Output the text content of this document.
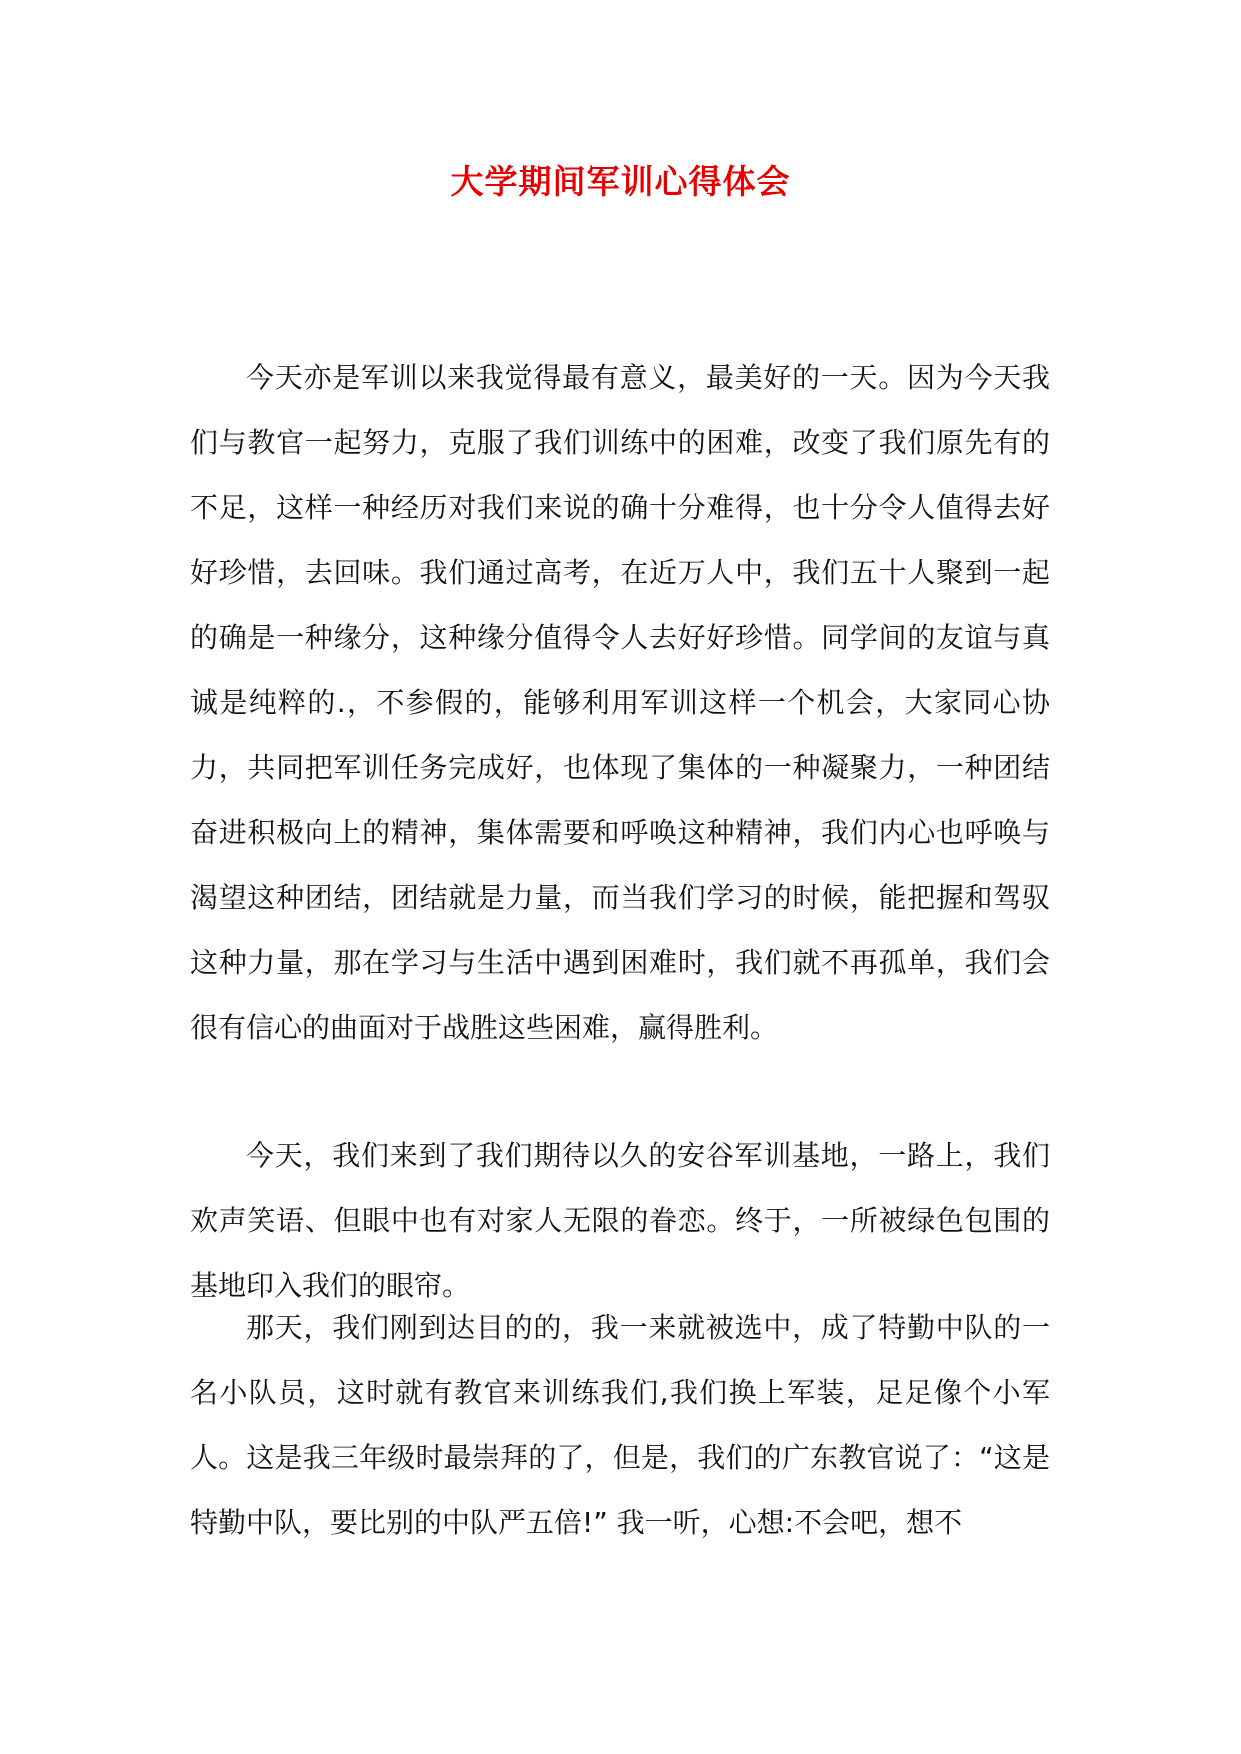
大学期间军训心得体会

今天亦是军训以来我觉得最有意义，最美好的一天。因为今天我们与教官一起努力，克服了我们训练中的困难，改变了我们原先有的不足，这样一种经历对我们来说的确十分难得，也十分令人值得去好好珍惜，去回味。我们通过高考，在近万人中，我们五十人聚到一起的确是一种缘分，这种缘分值得令人去好好珍惜。同学间的友谊与真诚是纯粹的.，不参假的，能够利用军训这样一个机会，大家同心协力，共同把军训任务完成好，也体现了集体的一种凝聚力，一种团结奋进积极向上的精神，集体需要和呼唤这种精神，我们内心也呼唤与渴望这种团结，团结就是力量，而当我们学习的时候，能把握和驾驭这种力量，那在学习与生活中遇到困难时，我们就不再孤单，我们会很有信心的曲面对于战胜这些困难，赢得胜利。

今天，我们来到了我们期待以久的安谷军训基地，一路上，我们欢声笑语、但眼中也有对家人无限的眷恋。终于，一所被绿色包围的基地印入我们的眼帘。

那天，我们刚到达目的的，我一来就被选中，成了特勤中队的一名小队员，这时就有教官来训练我们,我们换上军装，足足像个小军人。这是我三年级时最崇拜的了，但是，我们的广东教官说了：“这是特勤中队，要比别的中队严五倍!” 我一听，心想:不会吧，想不
